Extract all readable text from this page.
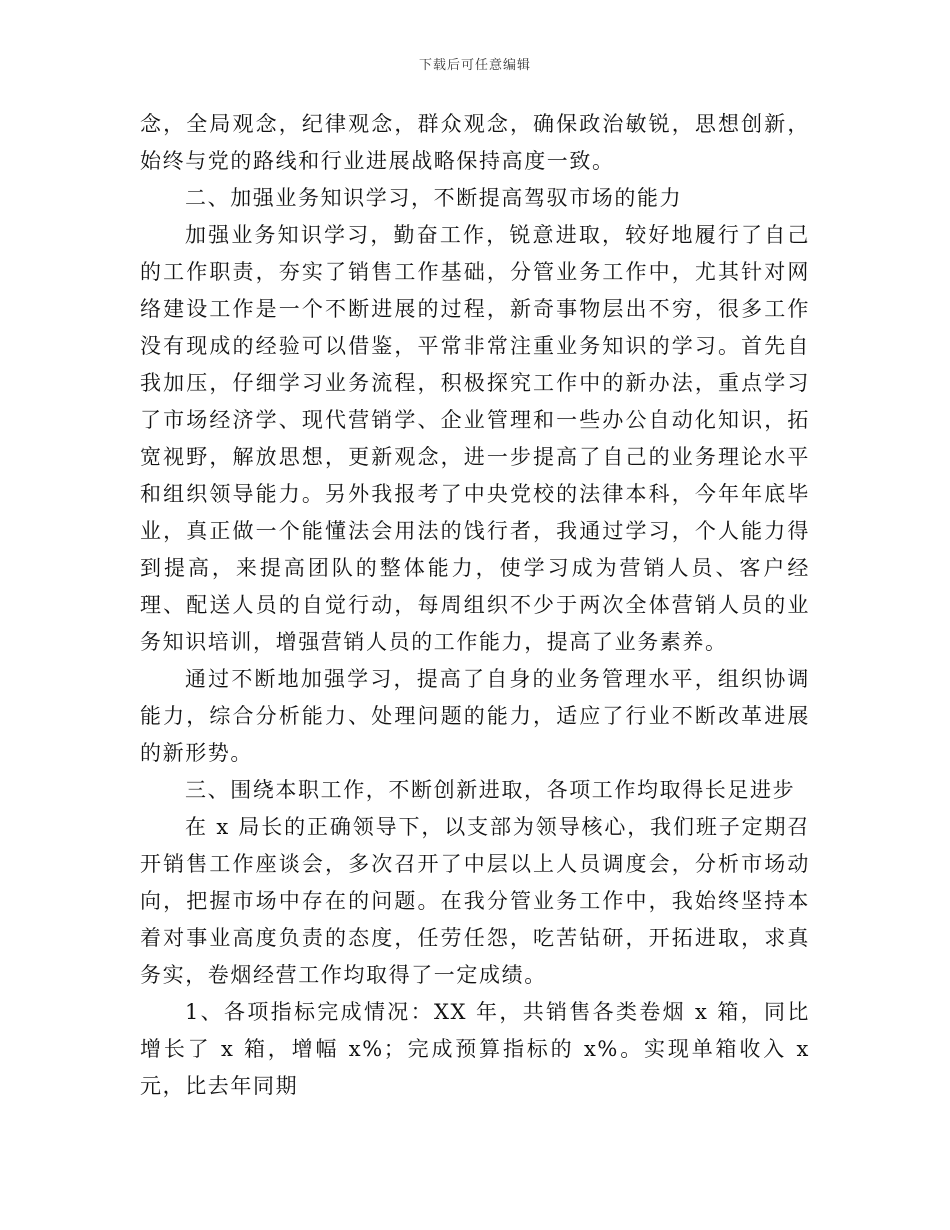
下载后可任意编辑

念，全局观念，纪律观念，群众观念，确保政治敏锐，思想创新，始终与党的路线和行业进展战略保持高度一致。

二、加强业务知识学习，不断提高驾驭市场的能力

加强业务知识学习，勤奋工作，锐意进取，较好地履行了自己的工作职责，夯实了销售工作基础，分管业务工作中，尤其针对网络建设工作是一个不断进展的过程，新奇事物层出不穷，很多工作没有现成的经验可以借鉴，平常非常注重业务知识的学习。首先自我加压，仔细学习业务流程，积极探究工作中的新办法，重点学习了市场经济学、现代营销学、企业管理和一些办公自动化知识，拓宽视野，解放思想，更新观念，进一步提高了自己的业务理论水平和组织领导能力。另外我报考了中央党校的法律本科，今年年底毕业，真正做一个能懂法会用法的饯行者，我通过学习，个人能力得到提高，来提高团队的整体能力，使学习成为营销人员、客户经理、配送人员的自觉行动，每周组织不少于两次全体营销人员的业务知识培训，增强营销人员的工作能力，提高了业务素养。

通过不断地加强学习，提高了自身的业务管理水平，组织协调能力，综合分析能力、处理问题的能力，适应了行业不断改革进展的新形势。

三、围绕本职工作，不断创新进取，各项工作均取得长足进步

在 x 局长的正确领导下，以支部为领导核心，我们班子定期召开销售工作座谈会，多次召开了中层以上人员调度会，分析市场动向，把握市场中存在的问题。在我分管业务工作中，我始终坚持本着对事业高度负责的态度，任劳任怨，吃苦钻研，开拓进取，求真务实，卷烟经营工作均取得了一定成绩。

1、各项指标完成情况：XX 年，共销售各类卷烟 x 箱，同比增长了 x 箱，增幅 x%；完成预算指标的 x%。实现单箱收入 x 元，比去年同期
